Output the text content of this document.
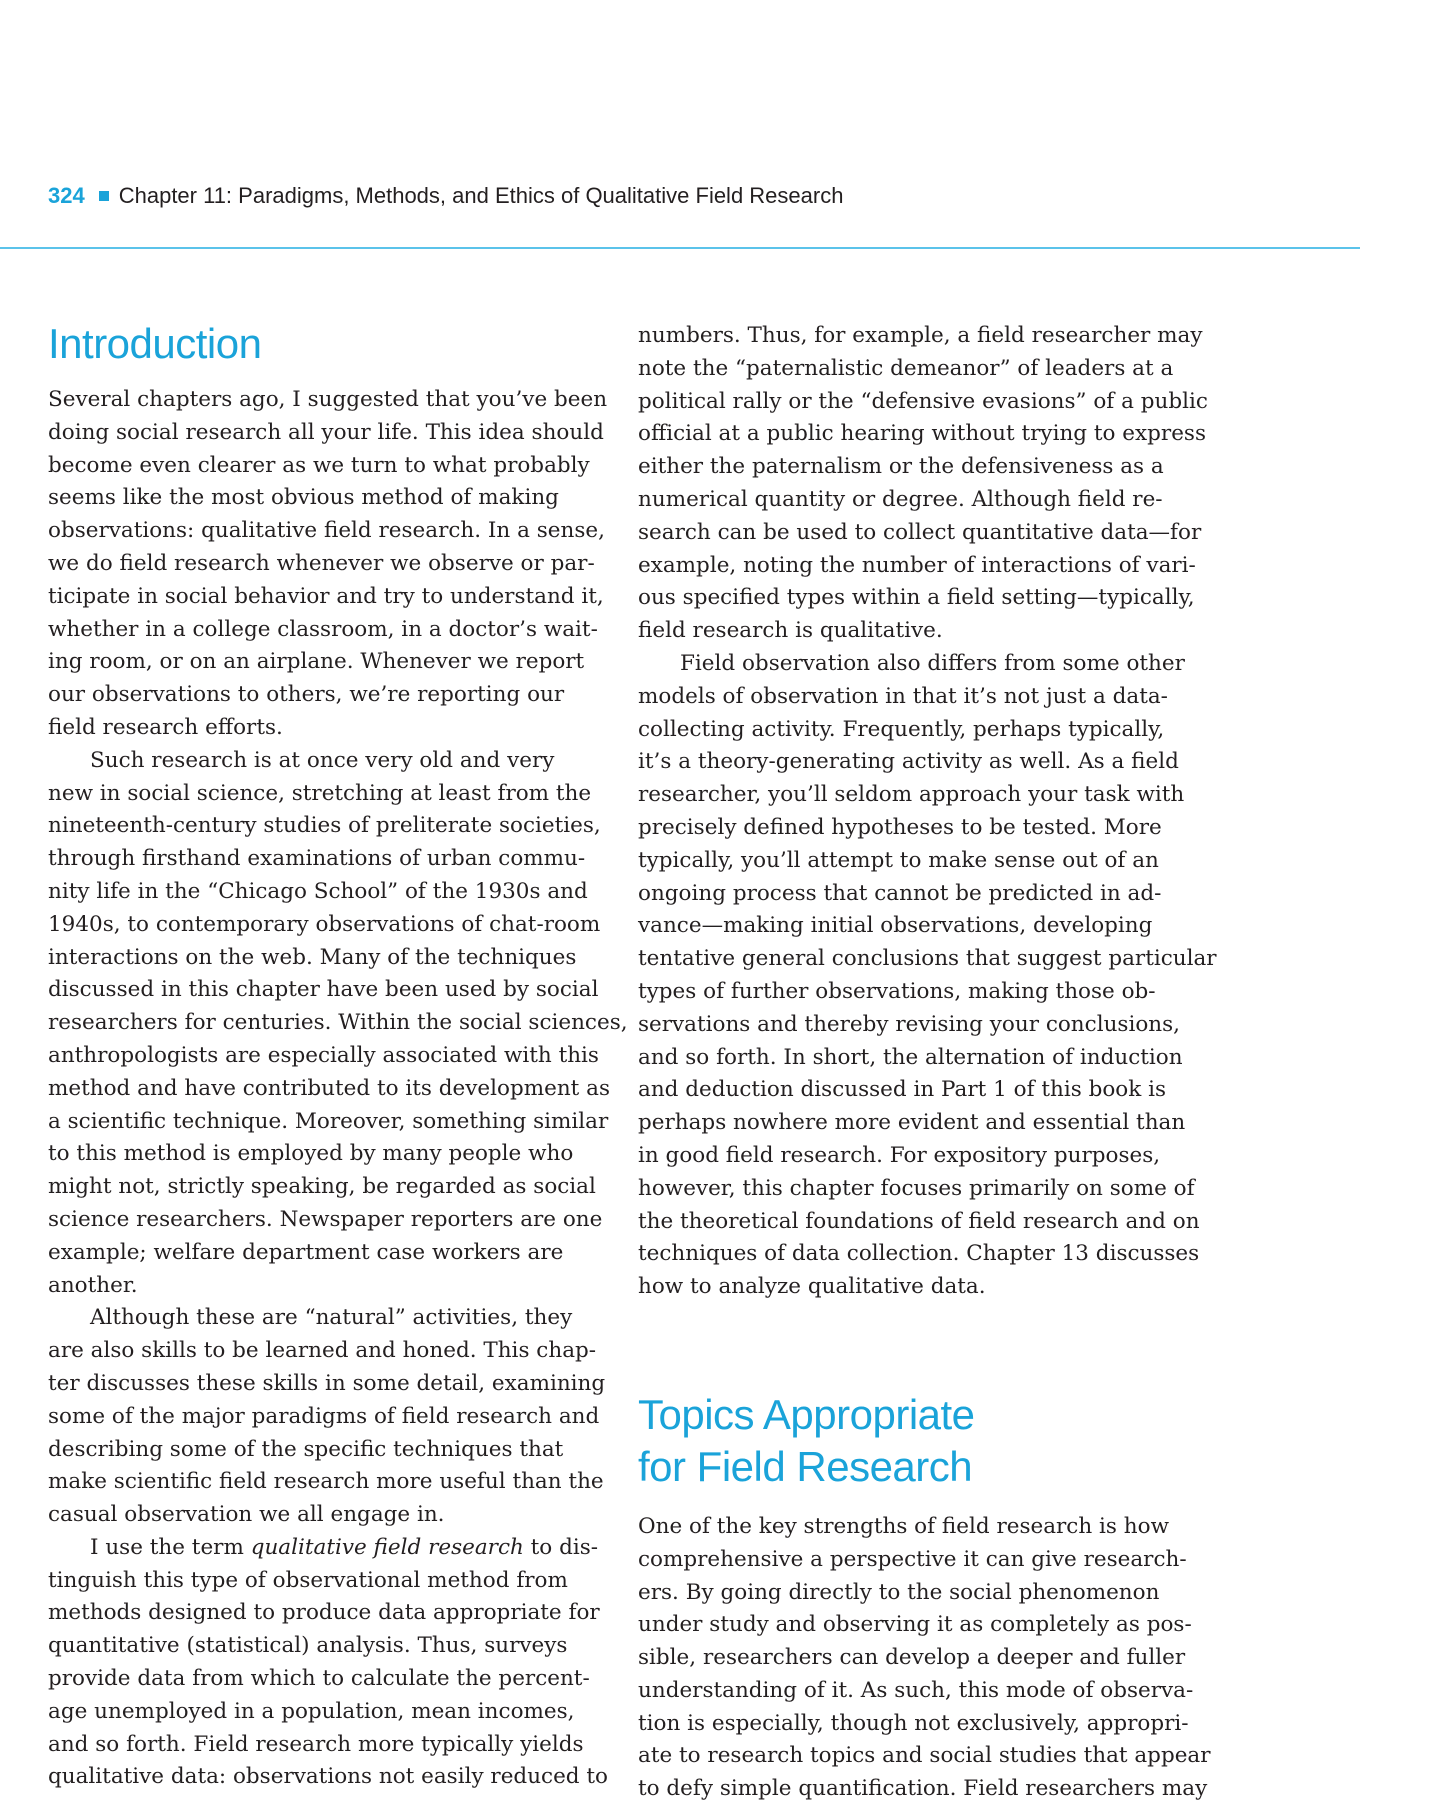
324 Chapter 11: Paradigms, Methods, and Ethics of Qualitative Field Research
Introduction

Several chapters ago, I suggested that you’ve been
doing social research all your life. This idea should
become even clearer as we turn to what probably
seems like the most obvious method of making
observations: qualitative field research. In a sense,
we do field research whenever we observe or par-
ticipate in social behavior and try to understand it,
whether in a college classroom, in a doctor’s wait-
ing room, or on an airplane. Whenever we report
our observations to others, we’re reporting our
field research efforts.

Such research is at once very old and very
new in social science, stretching at least from the
nineteenth-century studies of preliterate societies,
through firsthand examinations of urban commu-
nity life in the “Chicago School” of the 1930s and
1940s, to contemporary observations of chat-room
interactions on the web. Many of the techniques
discussed in this chapter have been used by social
researchers for centuries. Within the social sciences,
anthropologists are especially associated with this
method and have contributed to its development as
a scientific technique. Moreover, something similar
to this method is employed by many people who
might not, strictly speaking, be regarded as social
science researchers. Newspaper reporters are one
example; welfare department case workers are
another.

Although these are “natural” activities, they
are also skills to be learned and honed. This chap-
ter discusses these skills in some detail, examining
some of the major paradigms of field research and
describing some of the specific techniques that
make scientific field research more useful than the
casual observation we all engage in.

I use the term qualitative field research to dis-
tinguish this type of observational method from
methods designed to produce data appropriate for
quantitative (statistical) analysis. Thus, surveys
provide data from which to calculate the percent-
age unemployed in a population, mean incomes,
and so forth. Field research more typically yields
qualitative data: observations not easily reduced to

numbers. Thus, for example, a field researcher may
note the “paternalistic demeanor” of leaders at a
political rally or the “defensive evasions” of a public
official at a public hearing without trying to express
either the paternalism or the defensiveness as a
numerical quantity or degree. Although field re-
search can be used to collect quantitative data—for
example, noting the number of interactions of vari-
ous specified types within a field setting—typically,
field research is qualitative.

Field observation also differs from some other
models of observation in that it’s not just a data-
collecting activity. Frequently, perhaps typically,
it’s a theory-generating activity as well. As a field
researcher, you’ll seldom approach your task with
precisely defined hypotheses to be tested. More
typically, you’ll attempt to make sense out of an
ongoing process that cannot be predicted in ad-
vance—making initial observations, developing
tentative general conclusions that suggest particular
types of further observations, making those ob-
servations and thereby revising your conclusions,
and so forth. In short, the alternation of induction
and deduction discussed in Part 1 of this book is
perhaps nowhere more evident and essential than
in good field research. For expository purposes,
however, this chapter focuses primarily on some of
the theoretical foundations of field research and on
techniques of data collection. Chapter 13 discusses
how to analyze qualitative data.

Topics Appropriate
for Field Research

One of the key strengths of field research is how
comprehensive a perspective it can give research-
ers. By going directly to the social phenomenon
under study and observing it as completely as pos-
sible, researchers can develop a deeper and fuller
understanding of it. As such, this mode of observa-
tion is especially, though not exclusively, appropri-
ate to research topics and social studies that appear
to defy simple quantification. Field researchers may
